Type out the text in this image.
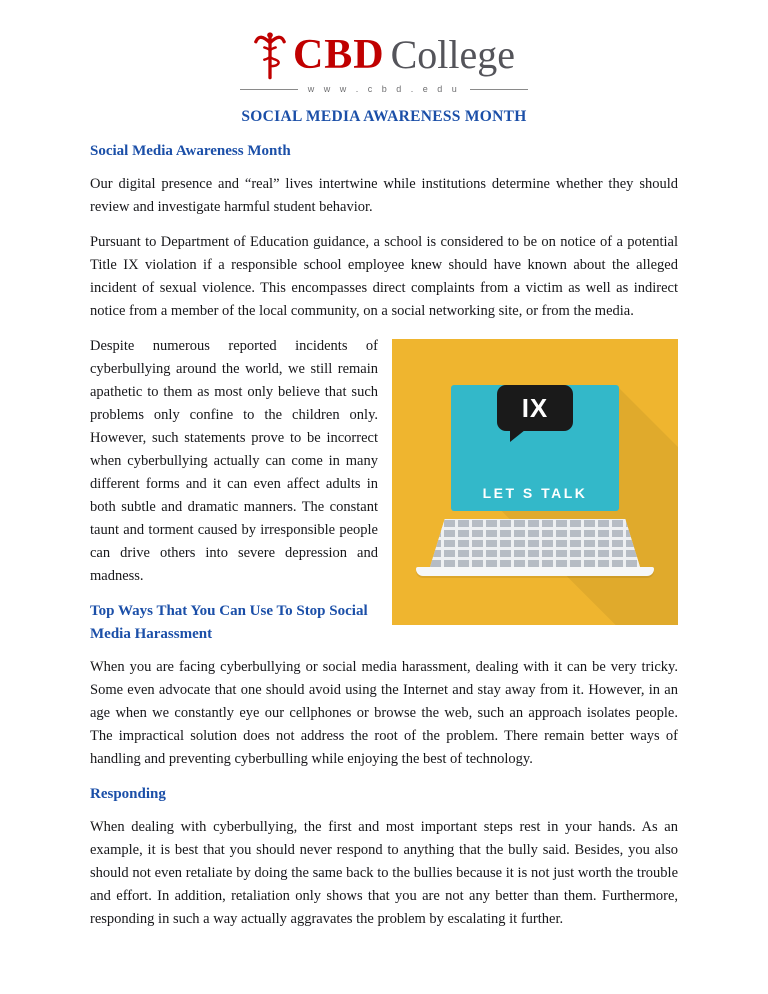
CBD College
w w w . c b d . e d u
SOCIAL MEDIA AWARENESS MONTH
Social Media Awareness Month

Our digital presence and “real” lives intertwine while institutions determine whether they should review and investigate harmful student behavior.

Pursuant to Department of Education guidance, a school is considered to be on notice of a potential Title IX violation if a responsible school employee knew should have known about the alleged incident of sexual violence. This encompasses direct complaints from a victim as well as indirect notice from a member of the local community, on a social networking site, or from the media.

IX
LET S TALK

Despite numerous reported incidents of cyberbullying around the world, we still remain apathetic to them as most only believe that such problems only confine to the children only. However, such statements prove to be incorrect when cyberbullying actually can come in many different forms and it can even affect adults in both subtle and dramatic manners. The constant taunt and torment caused by irresponsible people can drive others into severe depression and madness.

Top Ways That You Can Use To Stop Social Media Harassment

When you are facing cyberbullying or social media harassment, dealing with it can be very tricky. Some even advocate that one should avoid using the Internet and stay away from it. However, in an age when we constantly eye our cellphones or browse the web, such an approach isolates people. The impractical solution does not address the root of the problem. There remain better ways of handling and preventing cyberbulling while enjoying the best of technology.

Responding

When dealing with cyberbullying, the first and most important steps rest in your hands. As an example, it is best that you should never respond to anything that the bully said. Besides, you also should not even retaliate by doing the same back to the bullies because it is not just worth the trouble and effort. In addition, retaliation only shows that you are not any better than them. Furthermore, responding in such a way actually aggravates the problem by escalating it further.
